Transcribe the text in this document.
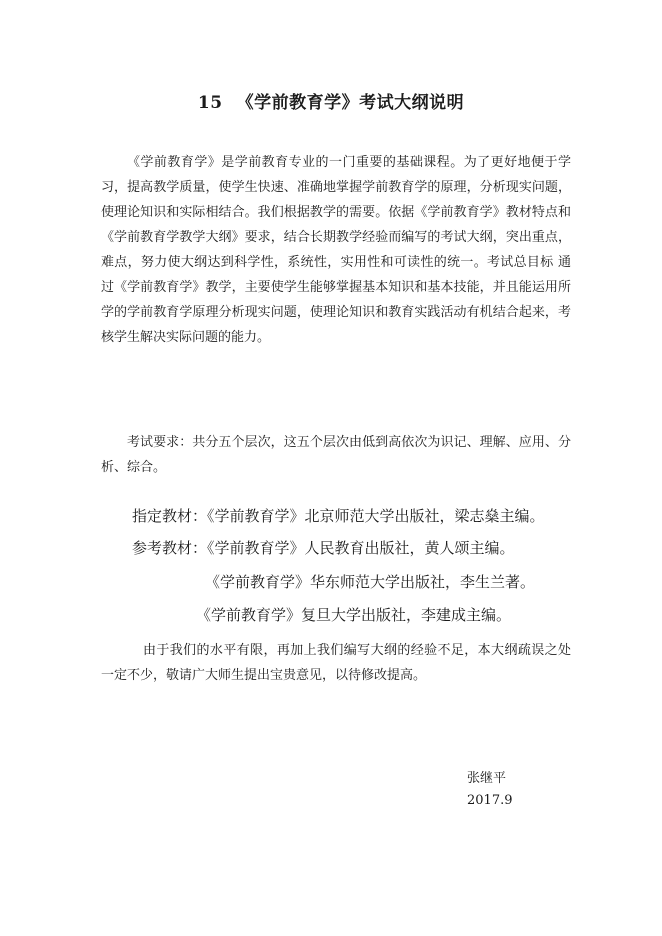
15 《学前教育学》考试大纲说明

《学前教育学》是学前教育专业的一门重要的基础课程。为了更好地便于学习，提高教学质量，使学生快速、准确地掌握学前教育学的原理，分析现实问题，使理论知识和实际相结合。我们根据教学的需要。依据《学前教育学》教材特点和《学前教育学教学大纲》要求，结合长期教学经验而编写的考试大纲，突出重点，难点，努力使大纲达到科学性，系统性，实用性和可读性的统一。考试总目标 通过《学前教育学》教学，主要使学生能够掌握基本知识和基本技能，并且能运用所学的学前教育学原理分析现实问题，使理论知识和教育实践活动有机结合起来，考核学生解决实际问题的能力。

考试要求：共分五个层次，这五个层次由低到高依次为识记、理解、应用、分析、综合。

指定教材：《学前教育学》北京师范大学出版社，梁志燊主编。
参考教材：《学前教育学》人民教育出版社，黄人颂主编。
《学前教育学》华东师范大学出版社，李生兰著。
《学前教育学》复旦大学出版社，李建成主编。

由于我们的水平有限，再加上我们编写大纲的经验不足，本大纲疏误之处一定不少，敬请广大师生提出宝贵意见，以待修改提高。

张继平
2017.9
